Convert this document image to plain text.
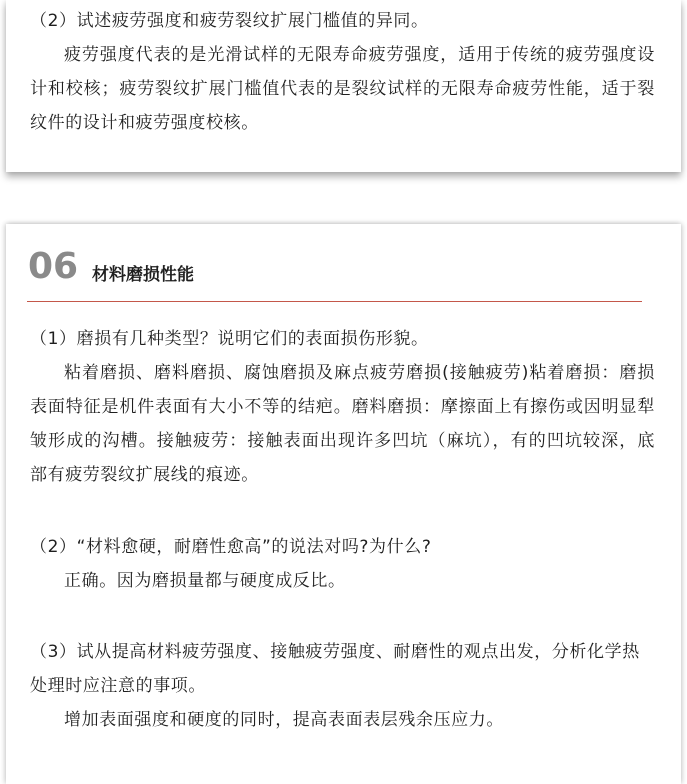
（2）试述疲劳强度和疲劳裂纹扩展门槛值的异同。

疲劳强度代表的是光滑试样的无限寿命疲劳强度，适用于传统的疲劳强度设计和校核；疲劳裂纹扩展门槛值代表的是裂纹试样的无限寿命疲劳性能，适于裂纹件的设计和疲劳强度校核。

06 材料磨损性能

（1）磨损有几种类型？说明它们的表面损伤形貌。

粘着磨损、磨料磨损、腐蚀磨损及麻点疲劳磨损(接触疲劳)粘着磨损：磨损表面特征是机件表面有大小不等的结疤。磨料磨损：摩擦面上有擦伤或因明显犁皱形成的沟槽。接触疲劳：接触表面出现许多凹坑（麻坑），有的凹坑较深，底部有疲劳裂纹扩展线的痕迹。

（2）“材料愈硬，耐磨性愈高”的说法对吗?为什么?

正确。因为磨损量都与硬度成反比。

（3）试从提高材料疲劳强度、接触疲劳强度、耐磨性的观点出发，分析化学热处理时应注意的事项。

增加表面强度和硬度的同时，提高表面表层残余压应力。
